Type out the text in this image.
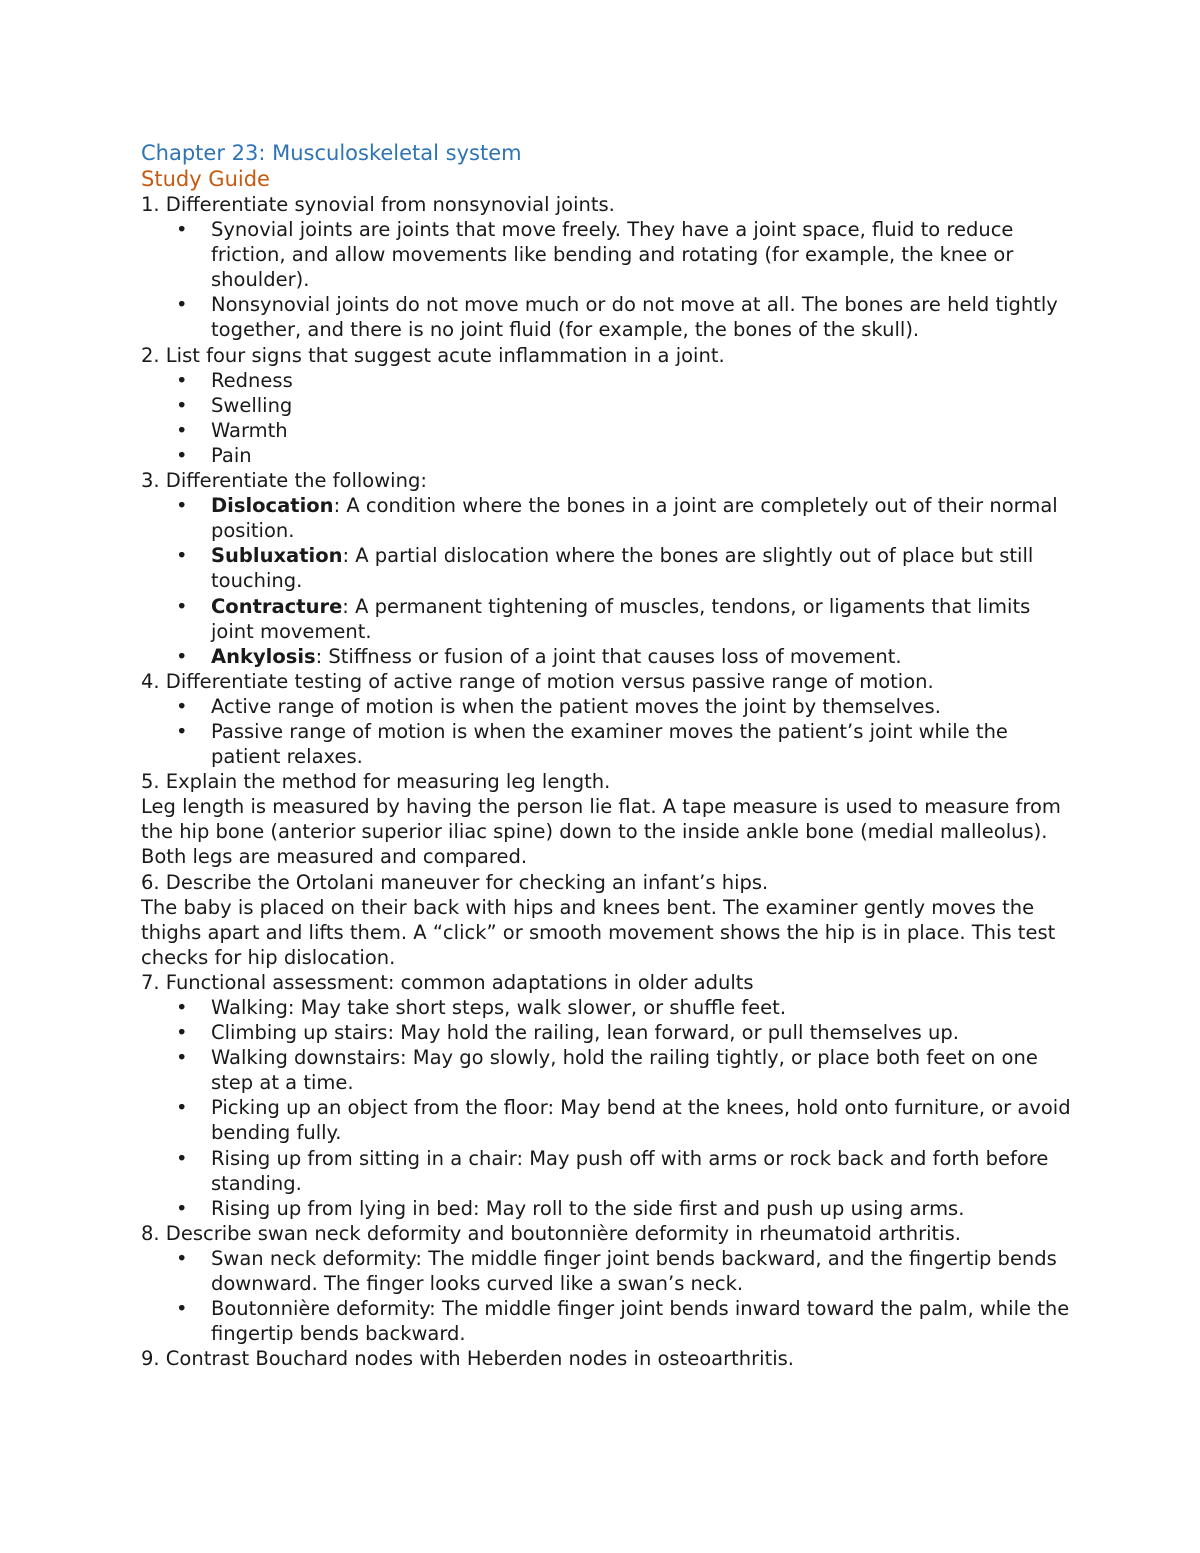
Chapter 23: Musculoskeletal system
Study Guide

1. Differentiate synovial from nonsynovial joints.

• Synovial joints are joints that move freely. They have a joint space, fluid to reduce friction, and allow movements like bending and rotating (for example, the knee or shoulder).
• Nonsynovial joints do not move much or do not move at all. The bones are held tightly together, and there is no joint fluid (for example, the bones of the skull).

2. List four signs that suggest acute inflammation in a joint.

• Redness
• Swelling
• Warmth
• Pain

3. Differentiate the following:

• Dislocation: A condition where the bones in a joint are completely out of their normal position.
• Subluxation: A partial dislocation where the bones are slightly out of place but still touching.
• Contracture: A permanent tightening of muscles, tendons, or ligaments that limits joint movement.
• Ankylosis: Stiffness or fusion of a joint that causes loss of movement.

4. Differentiate testing of active range of motion versus passive range of motion.

• Active range of motion is when the patient moves the joint by themselves.
• Passive range of motion is when the examiner moves the patient’s joint while the patient relaxes.

5. Explain the method for measuring leg length.

Leg length is measured by having the person lie flat. A tape measure is used to measure from the hip bone (anterior superior iliac spine) down to the inside ankle bone (medial malleolus). Both legs are measured and compared.

6. Describe the Ortolani maneuver for checking an infant’s hips.

The baby is placed on their back with hips and knees bent. The examiner gently moves the thighs apart and lifts them. A “click” or smooth movement shows the hip is in place. This test checks for hip dislocation.

7. Functional assessment: common adaptations in older adults

• Walking: May take short steps, walk slower, or shuffle feet.
• Climbing up stairs: May hold the railing, lean forward, or pull themselves up.
• Walking downstairs: May go slowly, hold the railing tightly, or place both feet on one step at a time.
• Picking up an object from the floor: May bend at the knees, hold onto furniture, or avoid bending fully.
• Rising up from sitting in a chair: May push off with arms or rock back and forth before standing.
• Rising up from lying in bed: May roll to the side first and push up using arms.

8. Describe swan neck deformity and boutonnière deformity in rheumatoid arthritis.

• Swan neck deformity: The middle finger joint bends backward, and the fingertip bends downward. The finger looks curved like a swan’s neck.
• Boutonnière deformity: The middle finger joint bends inward toward the palm, while the fingertip bends backward.

9. Contrast Bouchard nodes with Heberden nodes in osteoarthritis.
